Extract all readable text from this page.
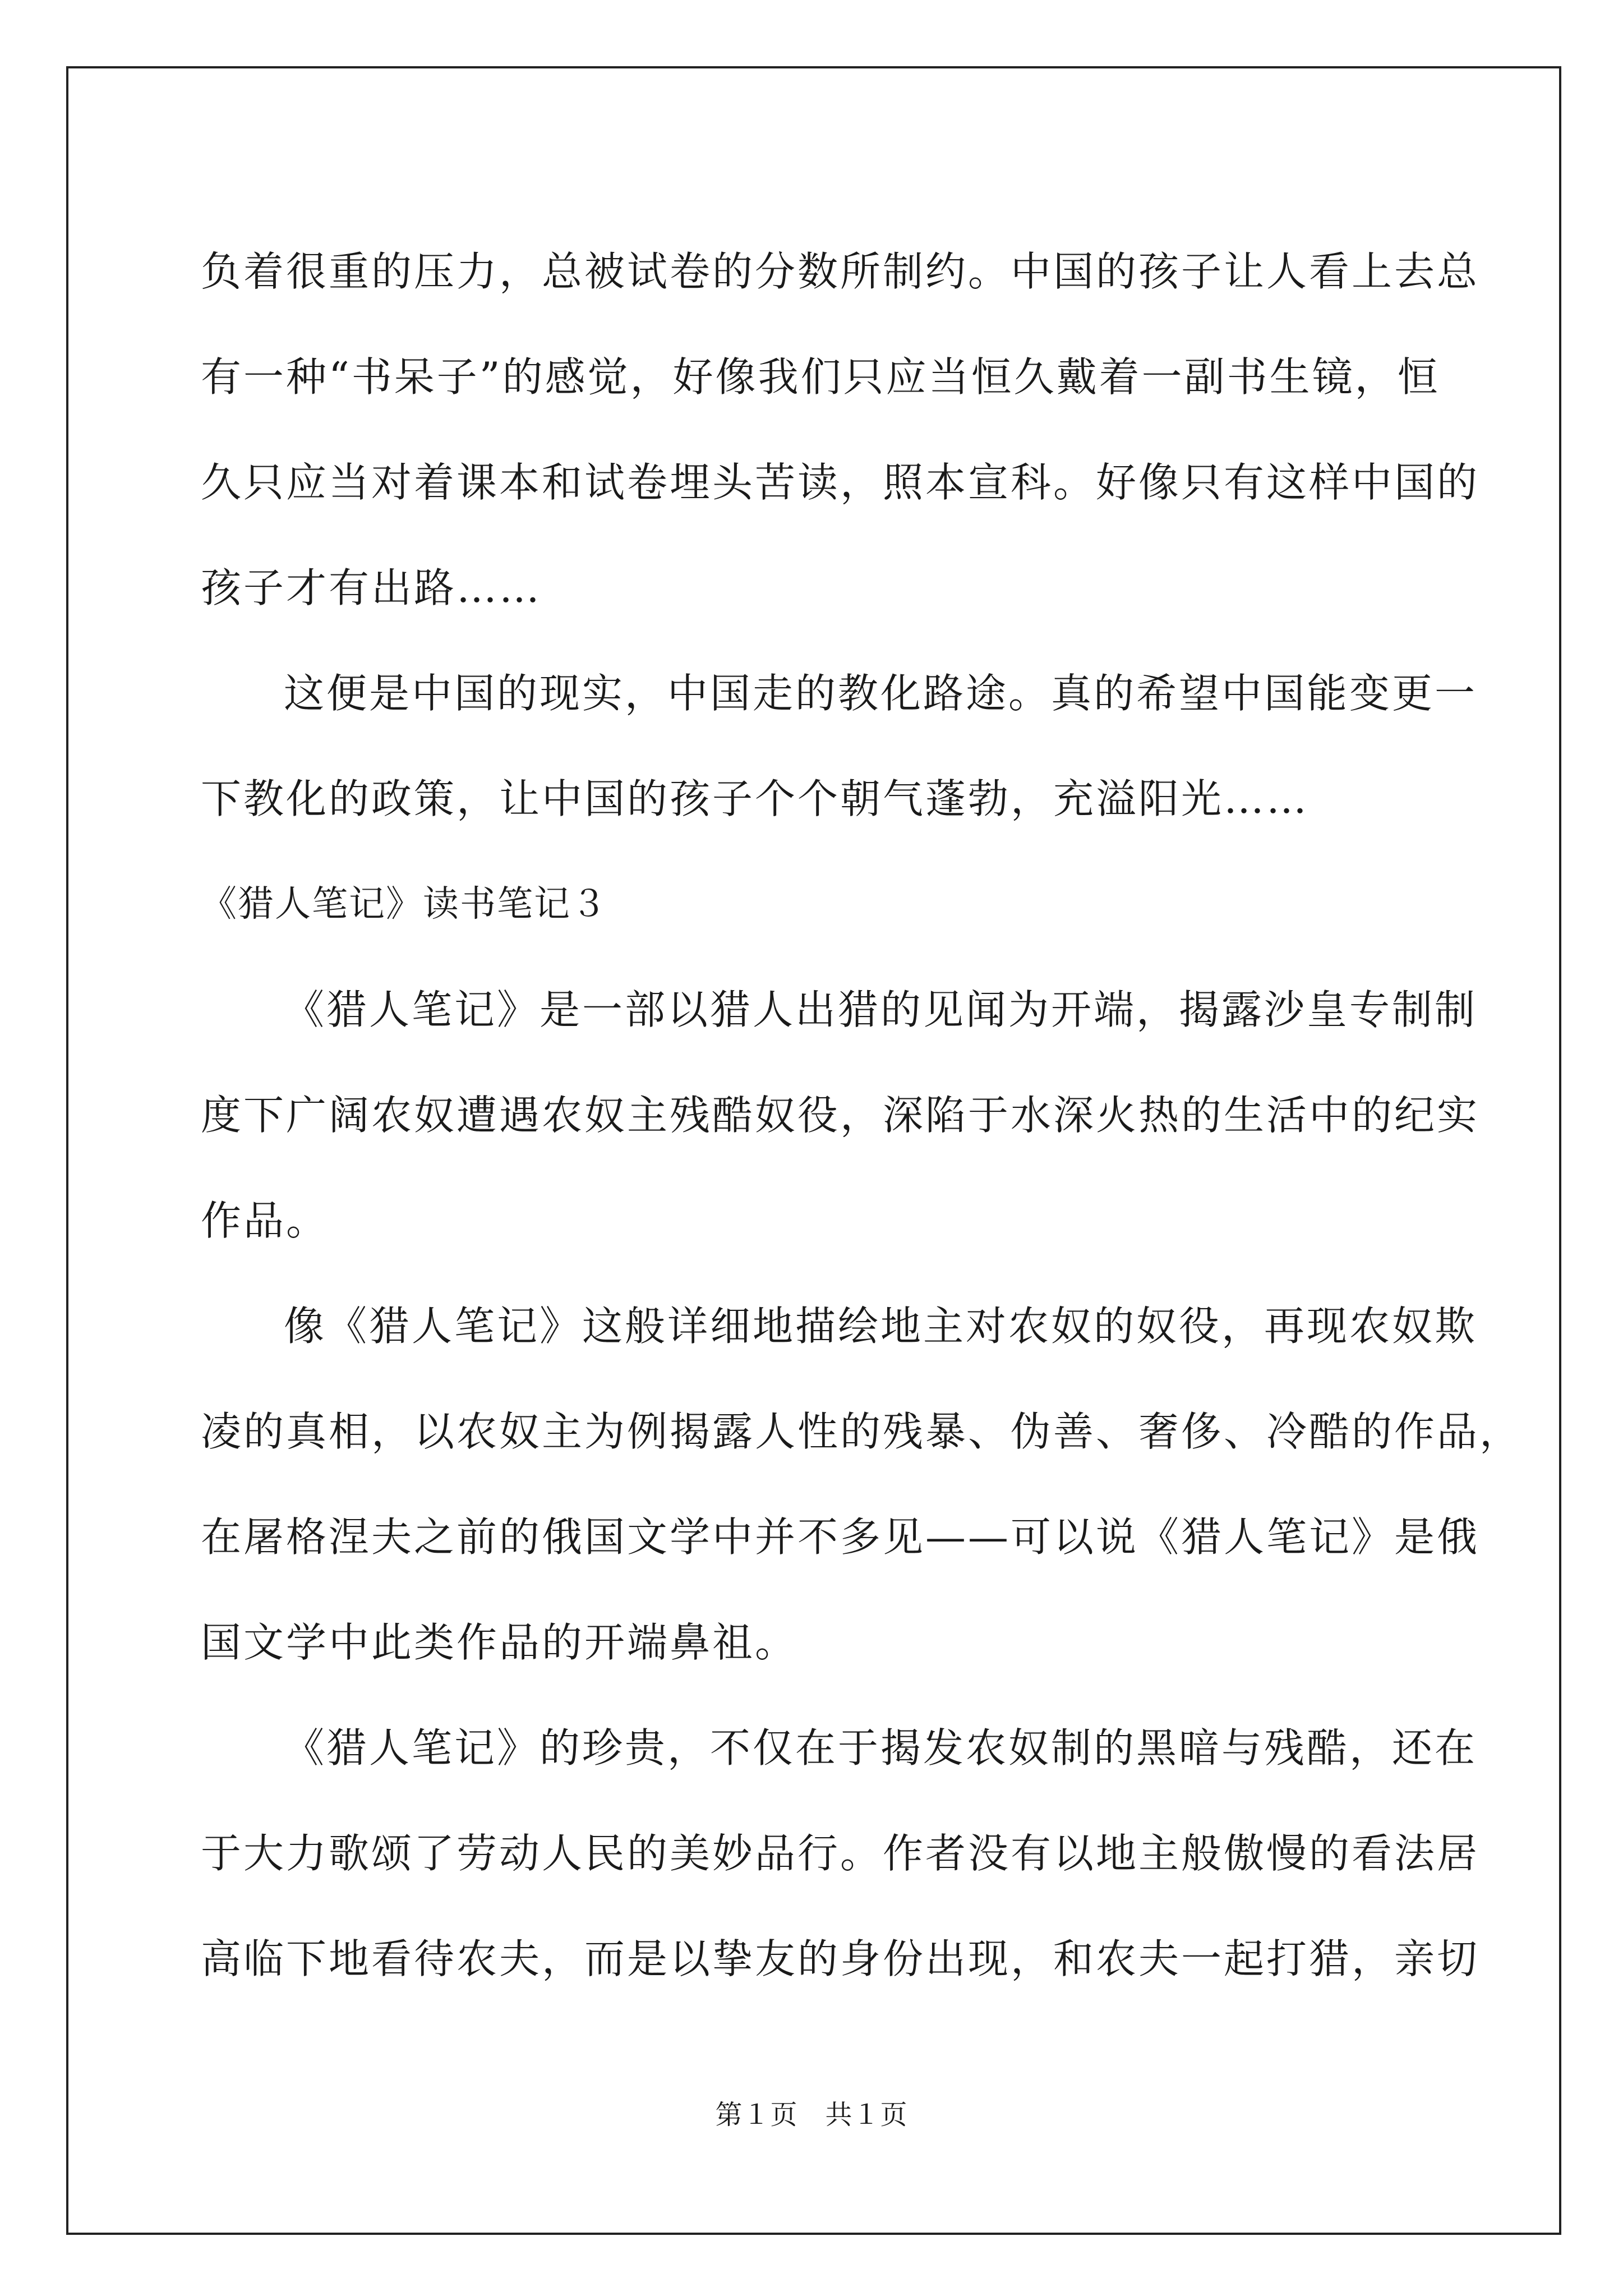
负着很重的压力，总被试卷的分数所制约。中国的孩子让人看上去总
有一种“书呆子”的感觉，好像我们只应当恒久戴着一副书生镜，恒
久只应当对着课本和试卷埋头苦读，照本宣科。好像只有这样中国的
孩子才有出路……
这便是中国的现实，中国走的教化路途。真的希望中国能变更一
下教化的政策，让中国的孩子个个朝气蓬勃，充溢阳光……
《猎人笔记》读书笔记３
《猎人笔记》是一部以猎人出猎的见闻为开端，揭露沙皇专制制
度下广阔农奴遭遇农奴主残酷奴役，深陷于水深火热的生活中的纪实
作品。
像《猎人笔记》这般详细地描绘地主对农奴的奴役，再现农奴欺
凌的真相，以农奴主为例揭露人性的残暴、伪善、奢侈、冷酷的作品，
在屠格涅夫之前的俄国文学中并不多见——可以说《猎人笔记》是俄
国文学中此类作品的开端鼻祖。
《猎人笔记》的珍贵，不仅在于揭发农奴制的黑暗与残酷，还在
于大力歌颂了劳动人民的美妙品行。作者没有以地主般傲慢的看法居
高临下地看待农夫，而是以挚友的身份出现，和农夫一起打猎，亲切
第１页　共１页
